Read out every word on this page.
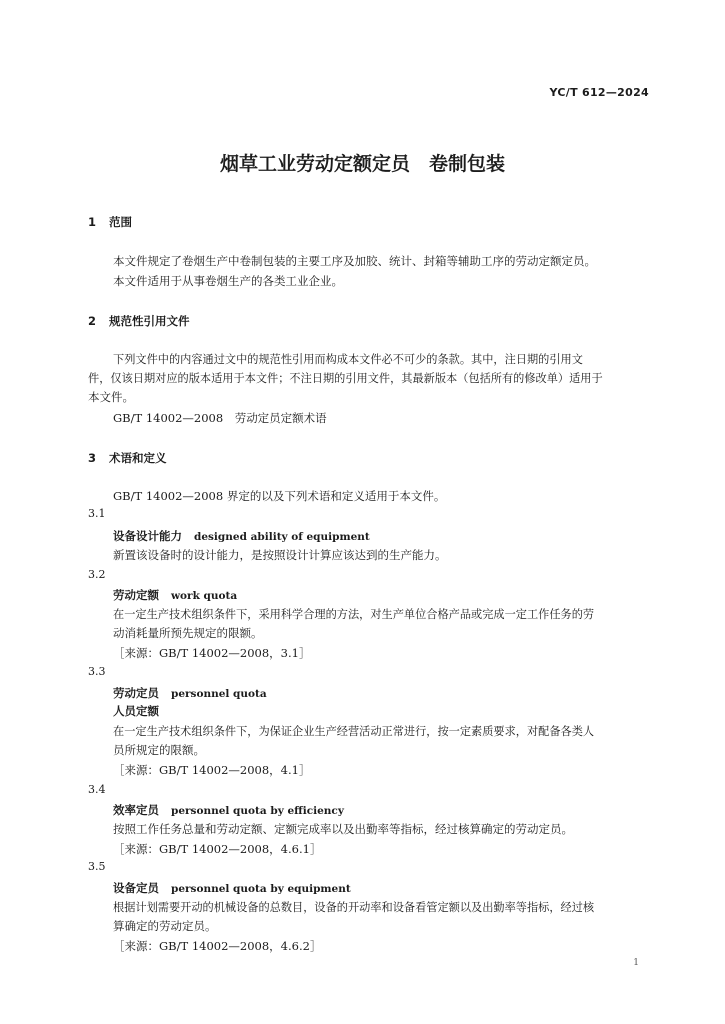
YC/T 612—2024
烟草工业劳动定额定员　卷制包装
1 范围
本文件规定了卷烟生产中卷制包装的主要工序及加胶、统计、封箱等辅助工序的劳动定额定员。
本文件适用于从事卷烟生产的各类工业企业。
2 规范性引用文件
下列文件中的内容通过文中的规范性引用而构成本文件必不可少的条款。其中，注日期的引用文
件，仅该日期对应的版本适用于本文件；不注日期的引用文件，其最新版本（包括所有的修改单）适用于
本文件。
GB/T 14002—2008　劳动定员定额术语
3 术语和定义
GB/T 14002—2008 界定的以及下列术语和定义适用于本文件。
3.1
设备设计能力 designed ability of equipment
新置该设备时的设计能力，是按照设计计算应该达到的生产能力。
3.2
劳动定额 work quota
在一定生产技术组织条件下，采用科学合理的方法，对生产单位合格产品或完成一定工作任务的劳
动消耗量所预先规定的限额。
［来源：GB/T 14002—2008，3.1］
3.3
劳动定员 personnel quota
人员定额
在一定生产技术组织条件下，为保证企业生产经营活动正常进行，按一定素质要求，对配备各类人
员所规定的限额。
［来源：GB/T 14002—2008，4.1］
3.4
效率定员 personnel quota by efficiency
按照工作任务总量和劳动定额、定额完成率以及出勤率等指标，经过核算确定的劳动定员。
［来源：GB/T 14002—2008，4.6.1］
3.5
设备定员 personnel quota by equipment
根据计划需要开动的机械设备的总数目，设备的开动率和设备看管定额以及出勤率等指标，经过核
算确定的劳动定员。
［来源：GB/T 14002—2008，4.6.2］
1
